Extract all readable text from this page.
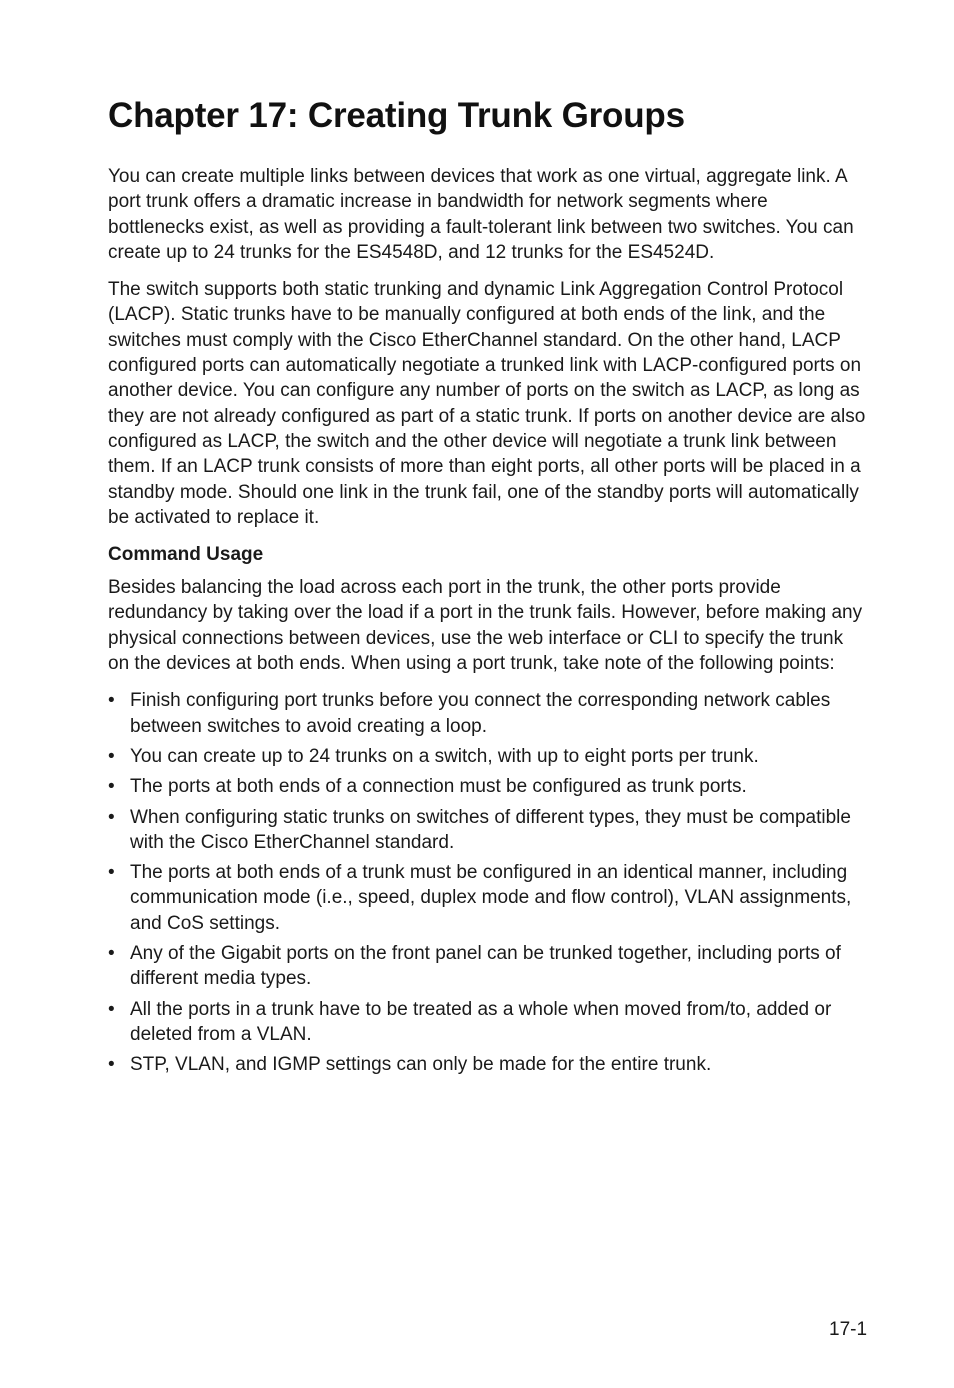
Chapter 17: Creating Trunk Groups

You can create multiple links between devices that work as one virtual, aggregate link. A port trunk offers a dramatic increase in bandwidth for network segments where bottlenecks exist, as well as providing a fault-tolerant link between two switches. You can create up to 24 trunks for the ES4548D, and 12 trunks for the ES4524D.

The switch supports both static trunking and dynamic Link Aggregation Control Protocol (LACP). Static trunks have to be manually configured at both ends of the link, and the switches must comply with the Cisco EtherChannel standard. On the other hand, LACP configured ports can automatically negotiate a trunked link with LACP-configured ports on another device. You can configure any number of ports on the switch as LACP, as long as they are not already configured as part of a static trunk. If ports on another device are also configured as LACP, the switch and the other device will negotiate a trunk link between them. If an LACP trunk consists of more than eight ports, all other ports will be placed in a standby mode. Should one link in the trunk fail, one of the standby ports will automatically be activated to replace it.

Command Usage

Besides balancing the load across each port in the trunk, the other ports provide redundancy by taking over the load if a port in the trunk fails. However, before making any physical connections between devices, use the web interface or CLI to specify the trunk on the devices at both ends. When using a port trunk, take note of the following points:

• Finish configuring port trunks before you connect the corresponding network cables between switches to avoid creating a loop.
• You can create up to 24 trunks on a switch, with up to eight ports per trunk.
• The ports at both ends of a connection must be configured as trunk ports.
• When configuring static trunks on switches of different types, they must be compatible with the Cisco EtherChannel standard.
• The ports at both ends of a trunk must be configured in an identical manner, including communication mode (i.e., speed, duplex mode and flow control), VLAN assignments, and CoS settings.
• Any of the Gigabit ports on the front panel can be trunked together, including ports of different media types.
• All the ports in a trunk have to be treated as a whole when moved from/to, added or deleted from a VLAN.
• STP, VLAN, and IGMP settings can only be made for the entire trunk.
17-1
